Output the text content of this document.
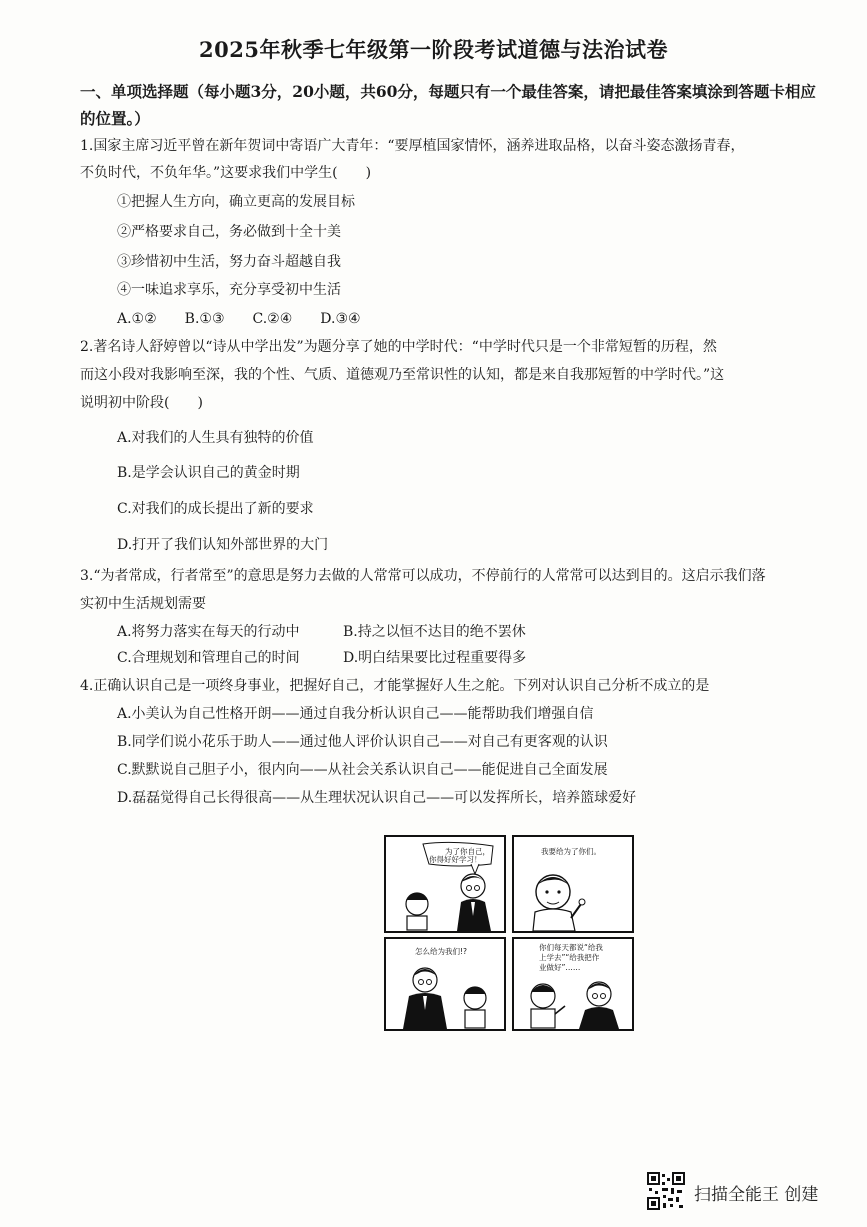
2025年秋季七年级第一阶段考试道德与法治试卷
一、单项选择题（每小题3分，20小题，共60分，每题只有一个最佳答案，请把最佳答案填涂到答题卡相应的位置。）
1.国家主席习近平曾在新年贺词中寄语广大青年：“要厚植国家情怀，涵养进取品格，以奋斗姿态激扬青春，
不负时代，不负年华。”这要求我们中学生(　　)
①把握人生方向，确立更高的发展目标
②严格要求自己，务必做到十全十美
③珍惜初中生活，努力奋斗超越自我
④一味追求享乐，充分享受初中生活
A.①②　　B.①③　　C.②④　　D.③④
2.著名诗人舒婷曾以“诗从中学出发”为题分享了她的中学时代：“中学时代只是一个非常短暂的历程，然
而这小段对我影响至深，我的个性、气质、道德观乃至常识性的认知，都是来自我那短暂的中学时代。”这
说明初中阶段(　　)
A.对我们的人生具有独特的价值
B.是学会认识自己的黄金时期
C.对我们的成长提出了新的要求
D.打开了我们认知外部世界的大门
3.“为者常成，行者常至”的意思是努力去做的人常常可以成功，不停前行的人常常可以达到目的。这启示我们落
实初中生活规划需要
A.将努力落实在每天的行动中	B.持之以恒不达目的绝不罢休
C.合理规划和管理自己的时间	D.明白结果要比过程重要得多
4.正确认识自己是一项终身事业，把握好自己，才能掌握好人生之舵。下列对认识自己分析不成立的是
A.小美认为自己性格开朗——通过自我分析认识自己——能帮助我们增强自信
B.同学们说小花乐于助人——通过他人评价认识自己——对自己有更客观的认识
C.默默说自己胆子小，很内向——从社会关系认识自己——能促进自己全面发展
D.磊磊觉得自己长得很高——从生理状况认识自己——可以发挥所长，培养篮球爱好
为了你自己，
你得好好学习！
我要给为了你们。
怎么给为我们!?	你们每天都说“给我
上学去”“给我把作
业做好”……
扫描全能王 创建
